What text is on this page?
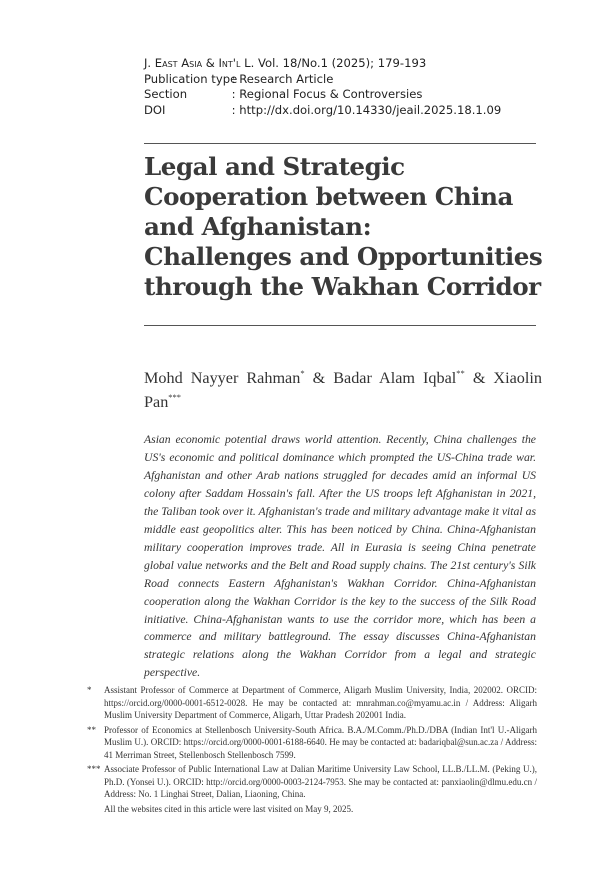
J. East Asia & Int'l L. Vol. 18/No.1 (2025); 179-193
Publication type : Research Article
Section	: Regional Focus & Controversies
DOI	: http://dx.doi.org/10.14330/jeail.2025.18.1.09
Legal and Strategic
Cooperation between China
and Afghanistan:
Challenges and Opportunities
through the Wakhan Corridor
Mohd Nayyer Rahman* & Badar Alam Iqbal** & Xiaolin Pan***

Asian economic potential draws world attention. Recently, China challenges the US's economic and political dominance which prompted the US-China trade war. Afghanistan and other Arab nations struggled for decades amid an informal US colony after Saddam Hossain's fall. After the US troops left Afghanistan in 2021, the Taliban took over it. Afghanistan's trade and military advantage make it vital as middle east geopolitics alter. This has been noticed by China. China-Afghanistan military cooperation improves trade. All in Eurasia is seeing China penetrate global value networks and the Belt and Road supply chains. The 21st century's Silk Road connects Eastern Afghanistan's Wakhan Corridor. China-Afghanistan cooperation along the Wakhan Corridor is the key to the success of the Silk Road initiative. China-Afghanistan wants to use the corridor more, which has been a commerce and military battleground. The essay discusses China-Afghanistan strategic relations along the Wakhan Corridor from a legal and strategic perspective.

* Assistant Professor of Commerce at Department of Commerce, Aligarh Muslim University, India, 202002. ORCID: https://orcid.org/0000-0001-6512-0028. He may be contacted at: mnrahman.co@myamu.ac.in / Address: Aligarh Muslim University Department of Commerce, Aligarh, Uttar Pradesh 202001 India.
** Professor of Economics at Stellenbosch University-South Africa. B.A./M.Comm./Ph.D./DBA (Indian Int'l U.-Aligarh Muslim U.). ORCID: https://orcid.org/0000-0001-6188-6640. He may be contacted at: badariqbal@sun.ac.za / Address: 41 Merriman Street, Stellenbosch Stellenbosch 7599.
*** Associate Professor of Public International Law at Dalian Maritime University Law School, LL.B./LL.M. (Peking U.), Ph.D. (Yonsei U.). ORCID: http://orcid.org/0000-0003-2124-7953. She may be contacted at: panxiaolin@dlmu.edu.cn / Address: No. 1 Linghai Street, Dalian, Liaoning, China.
All the websites cited in this article were last visited on May 9, 2025.
